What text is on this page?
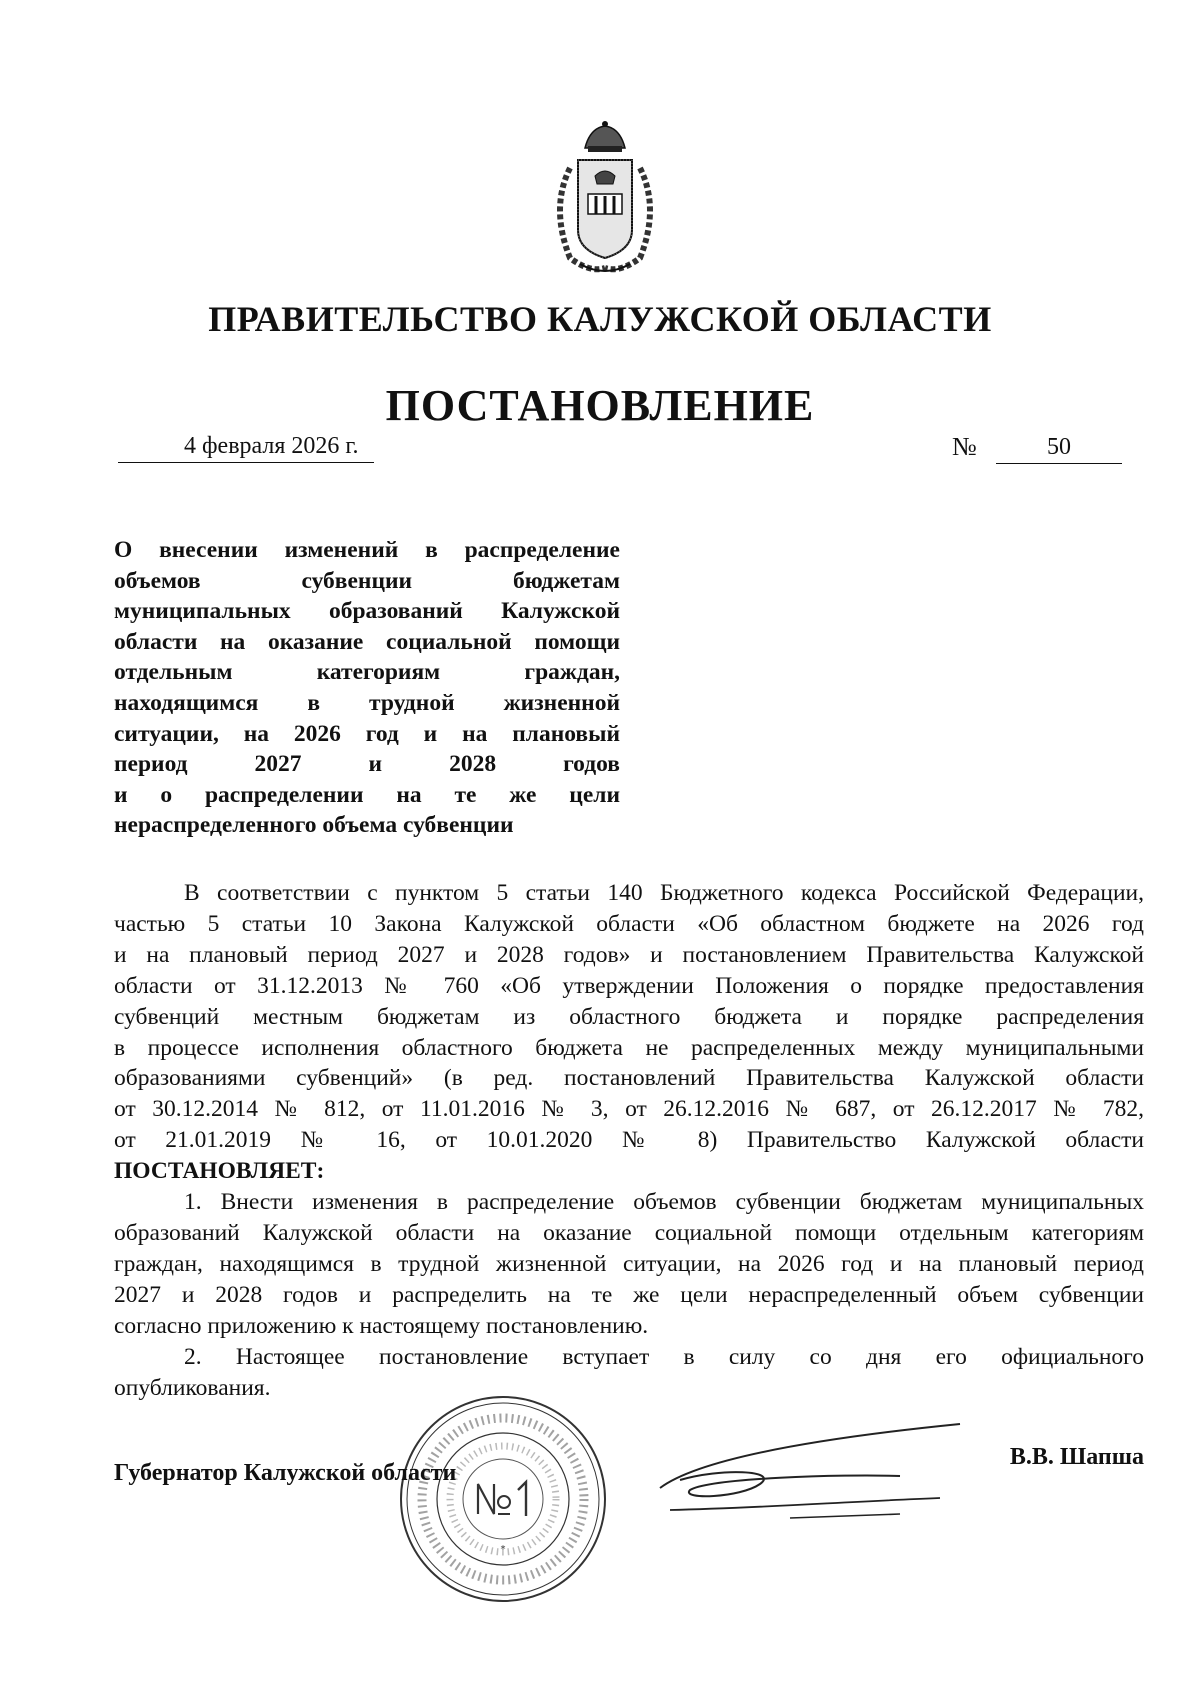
ПРАВИТЕЛЬСТВО КАЛУЖСКОЙ ОБЛАСТИ
ПОСТАНОВЛЕНИЕ
4 февраля 2026 г.	№	50
О внесении изменений в распределение
объемов субвенции бюджетам
муниципальных образований Калужской
области на оказание социальной помощи
отдельным категориям граждан,
находящимся в трудной жизненной
ситуации, на 2026 год и на плановый
период 2027 и 2028 годов
и о распределении на те же цели
нераспределенного объема субвенции
В соответствии с пунктом 5 статьи 140 Бюджетного кодекса Российской Федерации,
частью 5 статьи 10 Закона Калужской области «Об областном бюджете на 2026 год
и на плановый период 2027 и 2028 годов» и постановлением Правительства Калужской
области от 31.12.2013 № 760 «Об утверждении Положения о порядке предоставления
субвенций местным бюджетам из областного бюджета и порядке распределения
в процессе исполнения областного бюджета не распределенных между муниципальными
образованиями субвенций» (в ред. постановлений Правительства Калужской области
от 30.12.2014 № 812, от 11.01.2016 № 3, от 26.12.2016 № 687, от 26.12.2017 № 782,
от 21.01.2019 № 16, от 10.01.2020 № 8) Правительство Калужской области
ПОСТАНОВЛЯЕТ:
1. Внести изменения в распределение объемов субвенции бюджетам муниципальных
образований Калужской области на оказание социальной помощи отдельным категориям
граждан, находящимся в трудной жизненной ситуации, на 2026 год и на плановый период
2027 и 2028 годов и распределить на те же цели нераспределенный объем субвенции
согласно приложению к настоящему постановлению.
2. Настоящее постановление вступает в силу со дня его официального
опубликования.
*
Губернатор Калужской области
В.В. Шапша
